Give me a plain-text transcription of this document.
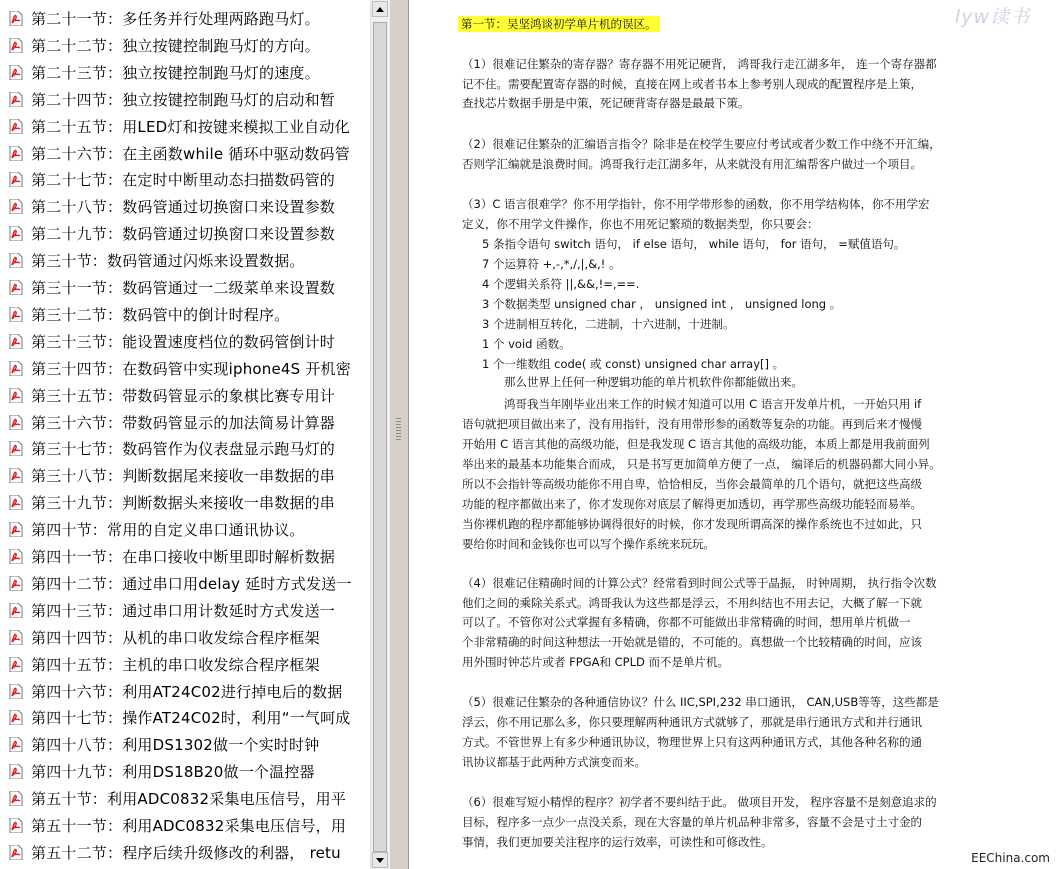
第二十一节：多任务并行处理两路跑马灯。
第二十二节：独立按键控制跑马灯的方向。
第二十三节：独立按键控制跑马灯的速度。
第二十四节：独立按键控制跑马灯的启动和暂
第二十五节：用LED灯和按键来模拟工业自动化
第二十六节：在主函数while 循环中驱动数码管
第二十七节：在定时中断里动态扫描数码管的
第二十八节：数码管通过切换窗口来设置参数
第二十九节：数码管通过切换窗口来设置参数
第三十节：数码管通过闪烁来设置数据。
第三十一节：数码管通过一二级菜单来设置数
第三十二节：数码管中的倒计时程序。
第三十三节：能设置速度档位的数码管倒计时
第三十四节：在数码管中实现iphone4S 开机密
第三十五节：带数码管显示的象棋比赛专用计
第三十六节：带数码管显示的加法简易计算器
第三十七节：数码管作为仪表盘显示跑马灯的
第三十八节：判断数据尾来接收一串数据的串
第三十九节：判断数据头来接收一串数据的串
第四十节：常用的自定义串口通讯协议。
第四十一节：在串口接收中断里即时解析数据
第四十二节：通过串口用delay 延时方式发送一
第四十三节：通过串口用计数延时方式发送一
第四十四节：从机的串口收发综合程序框架
第四十五节：主机的串口收发综合程序框架
第四十六节：利用AT24C02进行掉电后的数据
第四十七节：操作AT24C02时，利用“一气呵成
第四十八节：利用DS1302做一个实时时钟
第四十九节：利用DS18B20做一个温控器
第五十节：利用ADC0832采集电压信号，用平
第五十一节：利用ADC0832采集电压信号，用
第五十二节：程序后续升级修改的利器， retu
第一节：吴坚鸿谈初学单片机的误区。	lyw读书
（1）很难记住繁杂的寄存器？寄存器不用死记硬背， 鸿哥我行走江湖多年， 连一个寄存器都
记不住。需要配置寄存器的时候，直接在网上或者书本上参考别人现成的配置程序是上策，
查找芯片数据手册是中策，死记硬背寄存器是最最下策。
（2）很难记住繁杂的汇编语言指令？除非是在校学生要应付考试或者少数工作中绕不开汇编，
否则学汇编就是浪费时间。鸿哥我行走江湖多年，从来就没有用汇编帮客户做过一个项目。
（3）C 语言很难学？你不用学指针，你不用学带形参的函数，你不用学结构体，你不用学宏
定义，你不用学文件操作，你也不用死记繁琐的数据类型，你只要会：
5 条指令语句 switch 语句， if else 语句， while 语句， for 语句， =赋值语句。
7 个运算符 +,-,*,/,|,&,! 。
4 个逻辑关系符 ||,&&,!=,==.
3 个数据类型 unsigned char ， unsigned int ， unsigned long 。
3 个进制相互转化，二进制，十六进制，十进制。
1 个 void 函数。
1 个一维数组 code( 或 const) unsigned char array[] 。
那么世界上任何一种逻辑功能的单片机软件你都能做出来。
鸿哥我当年刚毕业出来工作的时候才知道可以用 C 语言开发单片机，一开始只用 if
语句就把项目做出来了，没有用指针，没有用带形参的函数等复杂的功能。再到后来才慢慢
开始用 C 语言其他的高级功能，但是我发现 C 语言其他的高级功能，本质上都是用我前面列
举出来的最基本功能集合而成， 只是书写更加简单方便了一点， 编译后的机器码都大同小异。
所以不会指针等高级功能你不用自卑，恰恰相反，当你会最简单的几个语句，就把这些高级
功能的程序都做出来了，你才发现你对底层了解得更加透切，再学那些高级功能轻而易举。
当你裸机跑的程序都能够协调得很好的时候，你才发现所谓高深的操作系统也不过如此，只
要给你时间和金钱你也可以写个操作系统来玩玩。
（4）很难记住精确时间的计算公式？经常看到时间公式等于晶振， 时钟周期， 执行指令次数
他们之间的乘除关系式。鸿哥我认为这些都是浮云，不用纠结也不用去记，大概了解一下就
可以了。不管你对公式掌握有多精确，你都不可能做出非常精确的时间，想用单片机做一
个非常精确的时间这种想法一开始就是错的，不可能的。真想做一个比较精确的时间，应该
用外围时钟芯片或者 FPGA和 CPLD 而不是单片机。
（5）很难记住繁杂的各种通信协议？什么 IIC,SPI,232 串口通讯， CAN,USB等等，这些都是
浮云，你不用记那么多，你只要理解两种通讯方式就够了，那就是串行通讯方式和并行通讯
方式。不管世界上有多少种通讯协议，物理世界上只有这两种通讯方式，其他各种名称的通
讯协议都基于此两种方式演变而来。
（6）很难写短小精悍的程序？初学者不要纠结于此。 做项目开发， 程序容量不是刻意追求的
目标，程序多一点少一点没关系，现在大容量的单片机品种非常多，容量不会是寸土寸金的
事情，我们更加要关注程序的运行效率，可读性和可修改性。
EEChina.com
